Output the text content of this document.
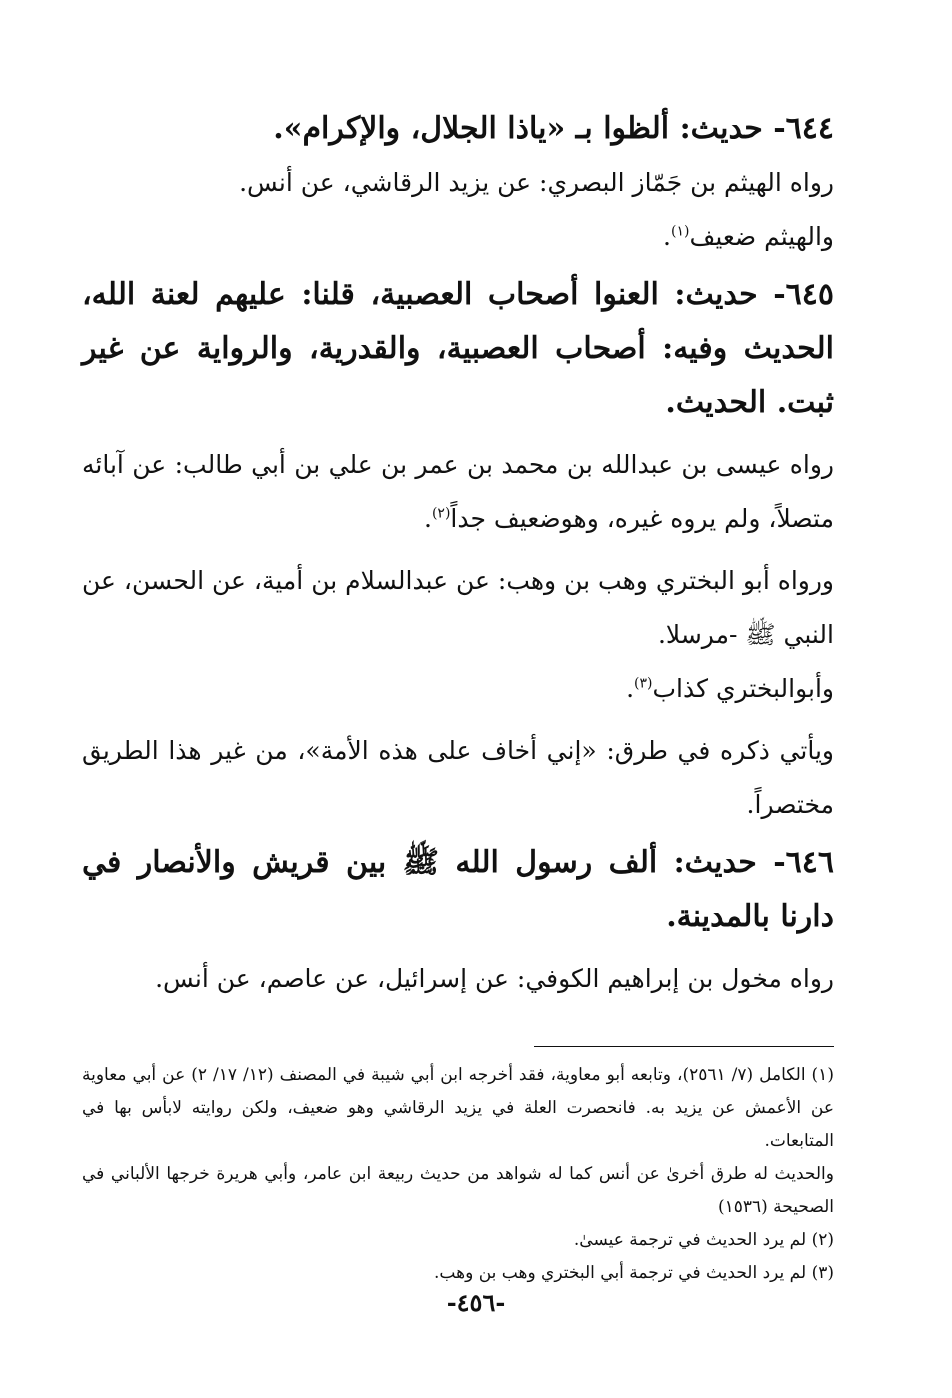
٦٤٤- حديث: ألظوا بـ «ياذا الجلال، والإكرام».

رواه الهيثم بن جَمّاز البصري: عن يزيد الرقاشي، عن أنس.

والهيثم ضعيف$^{(١)}$.

٦٤٥- حديث: العنوا أصحاب العصبية، قلنا: عليهم لعنة الله، الحديث وفيه: أصحاب العصبية، والقدرية، والرواية عن غير ثبت. الحديث.

رواه عيسى بن عبدالله بن محمد بن عمر بن علي بن أبي طالب: عن آبائه متصلاً، ولم يروه غيره، وهوضعيف جداً$^{(٢)}$.

ورواه أبو البختري وهب بن وهب: عن عبدالسلام بن أمية، عن الحسن، عن النبي ﷺ -مرسلا.

وأبوالبختري كذاب$^{(٣)}$.

ويأتي ذكره في طرق: «إني أخاف على هذه الأمة»، من غير هذا الطريق مختصراً.

٦٤٦- حديث: ألف رسول الله ﷺ بين قريش والأنصار في دارنا بالمدينة.

رواه مخول بن إبراهيم الكوفي: عن إسرائيل، عن عاصم، عن أنس.

(١) الكامل (٧/ ٢٥٦١)، وتابعه أبو معاوية، فقد أخرجه ابن أبي شيبة في المصنف (١٢/ ١٧/ ٢) عن أبي معاوية عن الأعمش عن يزيد به. فانحصرت العلة في يزيد الرقاشي وهو ضعيف، ولكن روايته لابأس بها في المتابعات.

والحديث له طرق أخرىٰ عن أنس كما له شواهد من حديث ربيعة ابن عامر، وأبي هريرة خرجها الألباني في الصحيحة (١٥٣٦)

(٢) لم يرد الحديث في ترجمة عيسىٰ.

(٣) لم يرد الحديث في ترجمة أبي البختري وهب بن وهب.

-٤٥٦-
